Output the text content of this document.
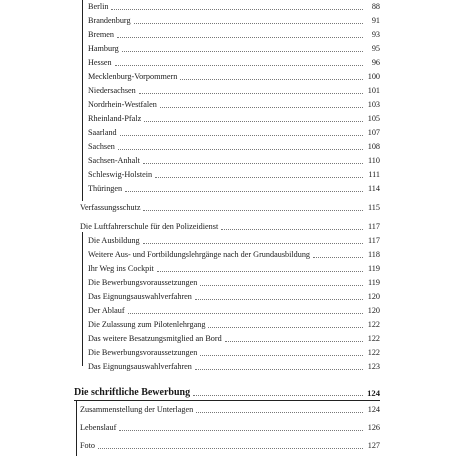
Berlin	88
Brandenburg	91
Bremen	93
Hamburg	95
Hessen	96
Mecklenburg-Vorpommern	100
Niedersachsen	101
Nordrhein-Westfalen	103
Rheinland-Pfalz	105
Saarland	107
Sachsen	108
Sachsen-Anhalt	110
Schleswig-Holstein	111
Thüringen	114
Verfassungsschutz	115
Die Luftfahrerschule für den Polizeidienst	117
Die Ausbildung	117
Weitere Aus- und Fortbildungslehrgänge nach der Grundausbildung	118
Ihr Weg ins Cockpit	119
Die Bewerbungsvoraussetzungen	119
Das Eignungsauswahlverfahren	120
Der Ablauf	120
Die Zulassung zum Pilotenlehrgang	122
Das weitere Besatzungsmitglied an Bord	122
Die Bewerbungsvoraussetzungen	122
Das Eignungsauswahlverfahren	123
Die schriftliche Bewerbung	124
Zusammenstellung der Unterlagen	124
Lebenslauf	126
Foto	127
